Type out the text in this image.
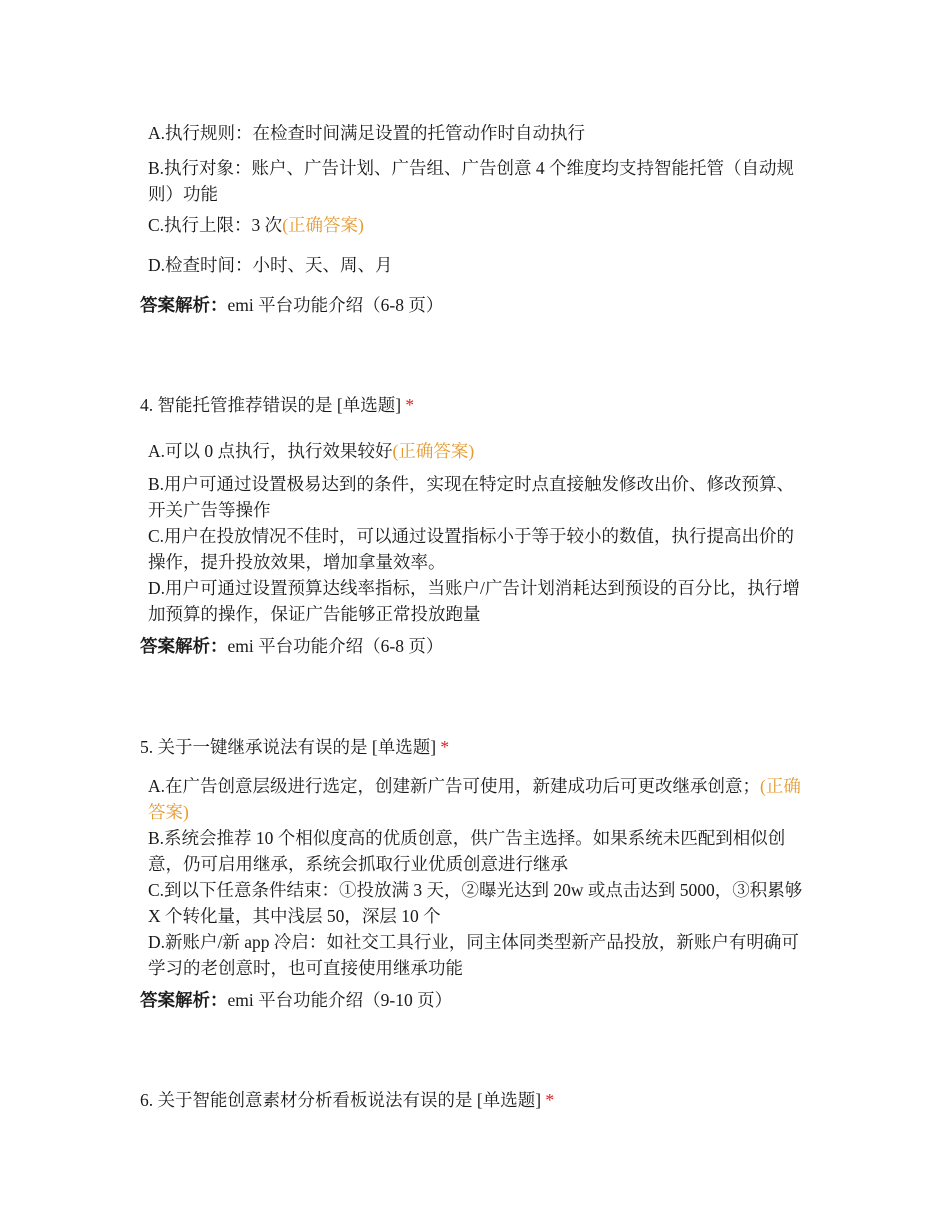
A.执行规则：在检查时间满足设置的托管动作时自动执行
B.执行对象：账户、广告计划、广告组、广告创意 4 个维度均支持智能托管（自动规则）功能
C.执行上限：3 次(正确答案)
D.检查时间：小时、天、周、月
答案解析：emi 平台功能介绍（6-8 页）
4. 智能托管推荐错误的是 [单选题] *
A.可以 0 点执行，执行效果较好(正确答案)
B.用户可通过设置极易达到的条件，实现在特定时点直接触发修改出价、修改预算、开关广告等操作
C.用户在投放情况不佳时，可以通过设置指标小于等于较小的数值，执行提高出价的操作，提升投放效果，增加拿量效率。
D.用户可通过设置预算达线率指标，当账户/广告计划消耗达到预设的百分比，执行增加预算的操作，保证广告能够正常投放跑量
答案解析：emi 平台功能介绍（6-8 页）
5. 关于一键继承说法有误的是 [单选题] *
A.在广告创意层级进行选定，创建新广告可使用，新建成功后可更改继承创意；(正确答案)
B.系统会推荐 10 个相似度高的优质创意，供广告主选择。如果系统未匹配到相似创意，仍可启用继承，系统会抓取行业优质创意进行继承
C.到以下任意条件结束：①投放满 3 天，②曝光达到 20w 或点击达到 5000，③积累够 X 个转化量，其中浅层 50，深层 10 个
D.新账户/新 app 冷启：如社交工具行业，同主体同类型新产品投放，新账户有明确可学习的老创意时，也可直接使用继承功能
答案解析：emi 平台功能介绍（9-10 页）
6. 关于智能创意素材分析看板说法有误的是 [单选题] *
